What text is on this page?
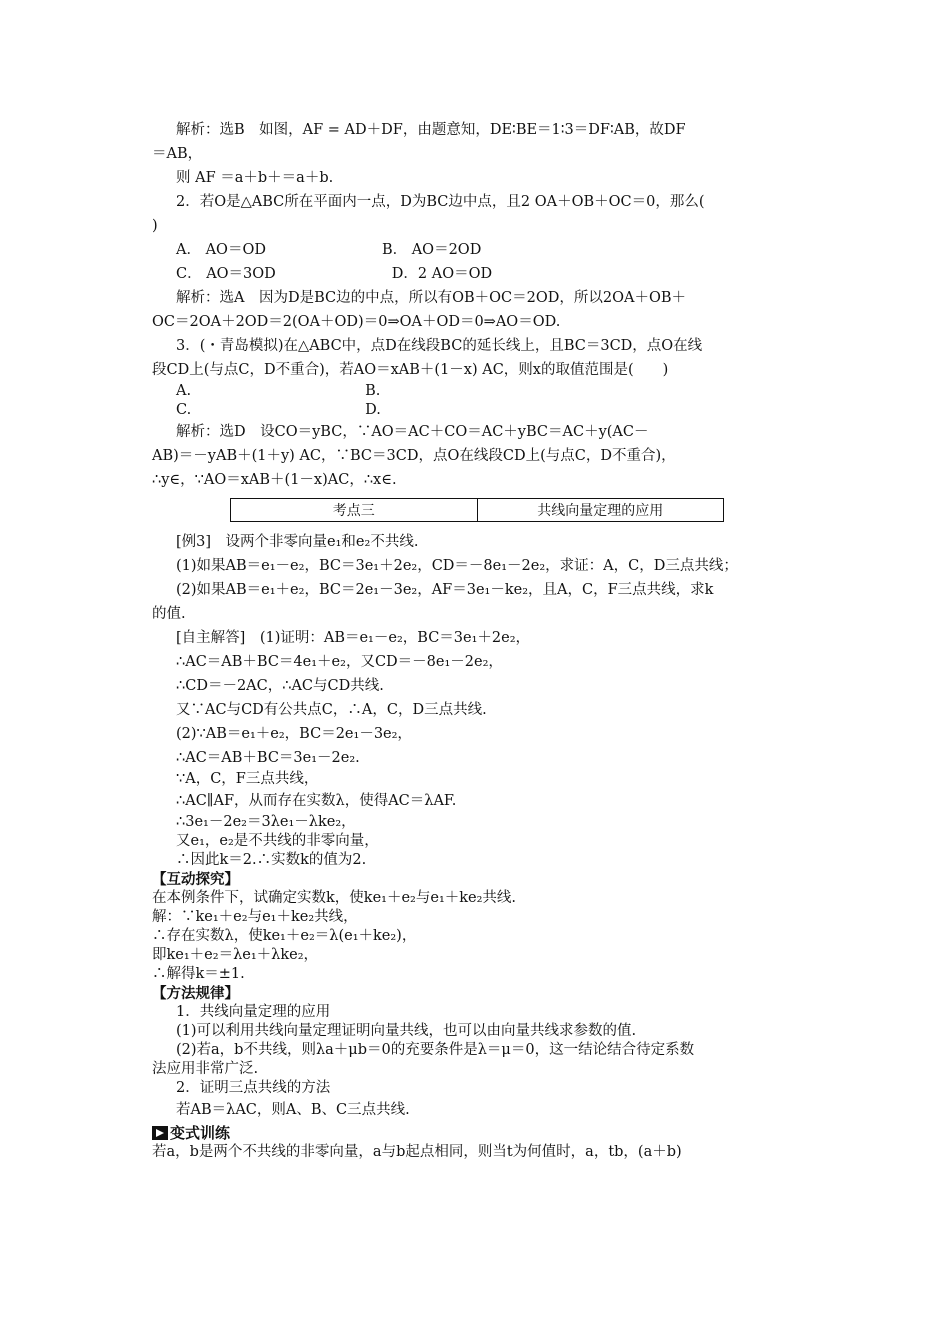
解析：选B　如图，AF = AD＋DF，由题意知，DE∶BE＝1∶3＝DF∶AB，故DF
＝AB，
则 AF ＝a＋b＋＝a＋b.
2．若O是△ABC所在平面内一点，D为BC边中点，且2 OA＋OB＋OC＝0，那么(
)
A． AO＝OD　　　　　　　　B． AO＝2OD
C． AO＝3OD　　　　　　　　D．2 AO＝OD
解析：选A　因为D是BC边的中点，所以有OB＋OC＝2OD，所以2OA＋OB＋
OC＝2OA＋2OD＝2(OA＋OD)＝0⇒OA＋OD＝0⇒AO＝OD.
3．(・青岛模拟)在△ABC中，点D在线段BC的延长线上，且BC＝3CD，点O在线
段CD上(与点C，D不重合)，若AO＝xAB＋(1－x) AC，则x的取值范围是(　　)
A.　　　　　　　　　　　　B.
C.　　　　　　　　　　　　D.
解析：选D　设CO＝yBC，∵AO＝AC＋CO＝AC＋yBC＝AC＋y(AC－
AB)＝－yAB＋(1＋y) AC，∵BC＝3CD，点O在线段CD上(与点C，D不重合)，
∴y∈，∵AO＝xAB＋(1－x)AC，∴x∈.
考点三	共线向量定理的应用
[例3]　设两个非零向量e₁和e₂不共线.
(1)如果AB＝e₁－e₂，BC＝3e₁＋2e₂，CD＝－8e₁－2e₂，求证：A，C，D三点共线；
(2)如果AB＝e₁＋e₂，BC＝2e₁－3e₂，AF＝3e₁－ke₂，且A，C，F三点共线，求k
的值.
[自主解答]　(1)证明：AB＝e₁－e₂，BC＝3e₁＋2e₂，
∴AC＝AB＋BC＝4e₁＋e₂，又CD＝－8e₁－2e₂，
∴CD＝－2AC，∴AC与CD共线.
又∵AC与CD有公共点C，∴A，C，D三点共线.
(2)∵AB＝e₁＋e₂，BC＝2e₁－3e₂，
∴AC＝AB＋BC＝3e₁－2e₂.
∵A，C，F三点共线，
∴AC∥AF，从而存在实数λ，使得AC＝λAF.
∴3e₁－2e₂＝3λe₁－λke₂，
又e₁，e₂是不共线的非零向量，
∴因此k＝2.∴实数k的值为2.
【互动探究】
在本例条件下，试确定实数k，使ke₁＋e₂与e₁＋ke₂共线.
解：∵ke₁＋e₂与e₁＋ke₂共线，
∴存在实数λ，使ke₁＋e₂＝λ(e₁＋ke₂)，
即ke₁＋e₂＝λe₁＋λke₂，
∴解得k＝±1.
【方法规律】
1．共线向量定理的应用
(1)可以利用共线向量定理证明向量共线，也可以由向量共线求参数的值.
(2)若a，b不共线，则λa＋μb＝0的充要条件是λ＝μ＝0，这一结论结合待定系数
法应用非常广泛.
2．证明三点共线的方法
若AB＝λAC，则A、B、C三点共线.
变式训练
若a，b是两个不共线的非零向量，a与b起点相同，则当t为何值时，a，tb，(a＋b)
